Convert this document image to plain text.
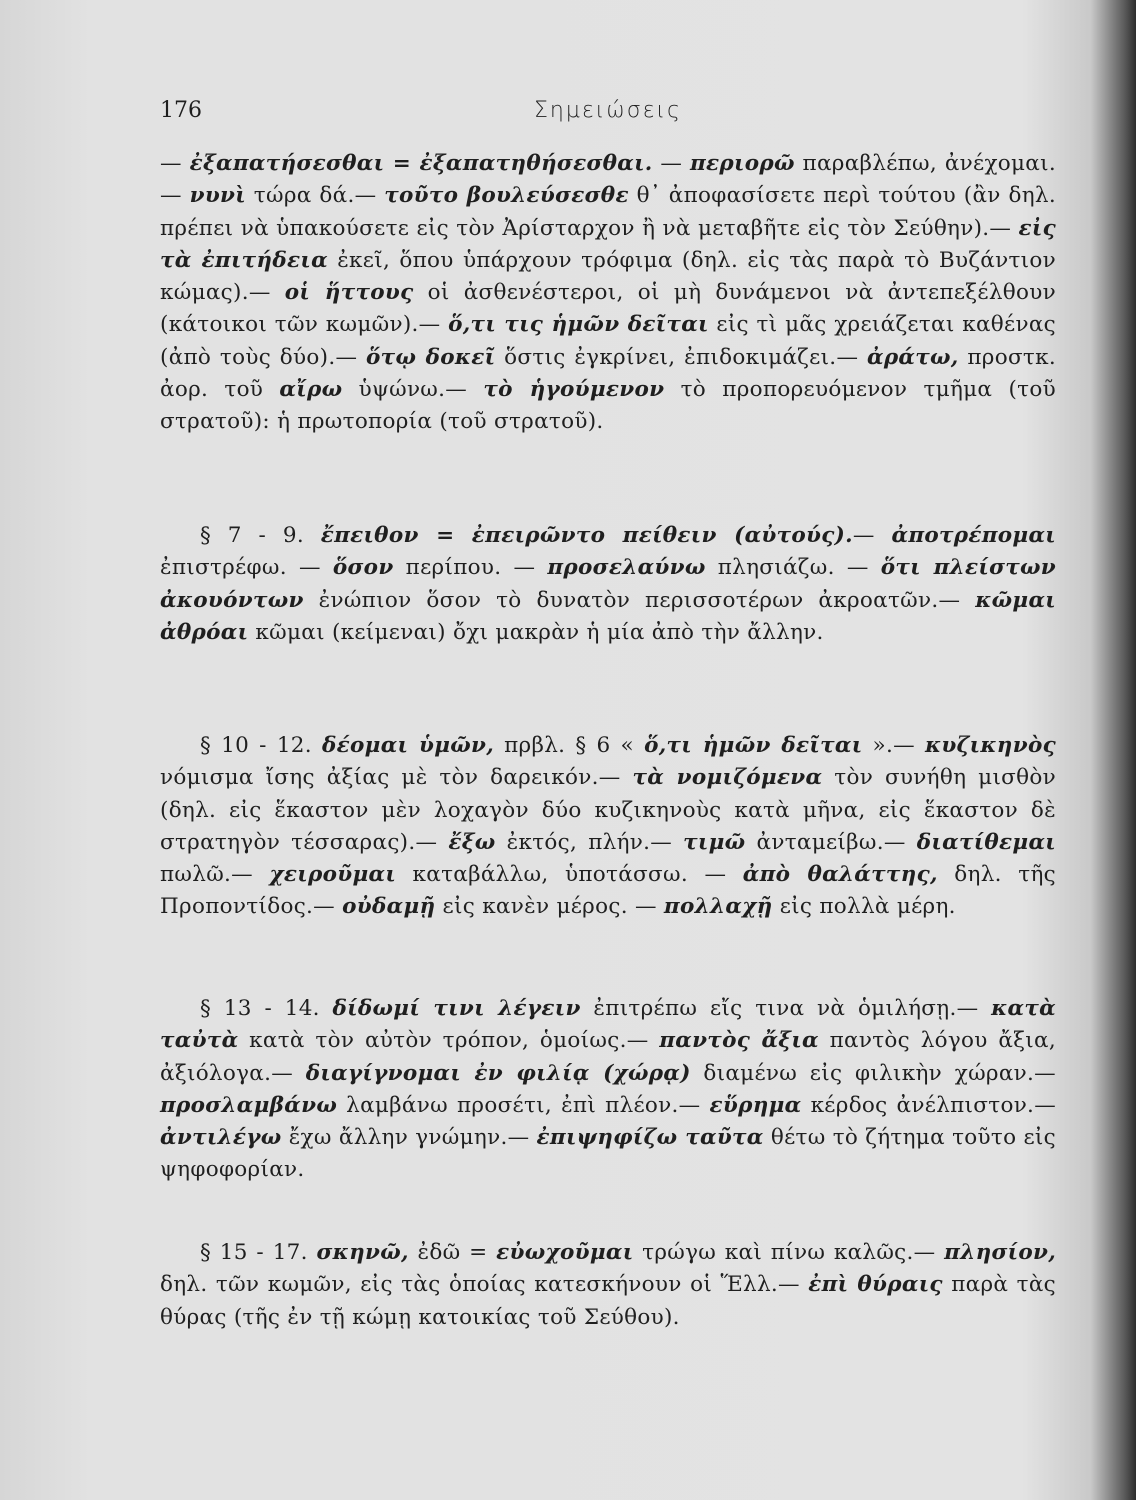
176	Σημειώσεις

— ἐξαπατήσεσθαι = ἐξαπατηθήσεσθαι. — περιορῶ παραβλέπω, ἀνέχομαι.— νυνὶ τώρα δά.— τοῦτο βουλεύσεσθε θ᾽ ἀποφασίσετε περὶ τούτου (ἂν δηλ. πρέπει νὰ ὑπακούσετε εἰς τὸν Ἀρίσταρχον ἢ νὰ μεταβῆτε εἰς τὸν Σεύθην).— εἰς τὰ ἐπιτήδεια ἐκεῖ, ὅπου ὑπάρχουν τρόφιμα (δηλ. εἰς τὰς παρὰ τὸ Βυζάντιον κώμας).— οἱ ἥττους οἱ ἀσθενέστεροι, οἱ μὴ δυνάμενοι νὰ ἀντεπεξέλθουν (κάτοικοι τῶν κωμῶν).— ὅ,τι τις ἡμῶν δεῖται εἰς τὶ μᾶς χρειάζεται καθένας (ἀπὸ τοὺς δύο).— ὅτῳ δοκεῖ ὅστις ἐγκρίνει, ἐπιδοκιμάζει.— ἀράτω, προστκ. ἀορ. τοῦ αἴρω ὑψώνω.— τὸ ἡγούμενον τὸ προπορευόμενον τμῆμα (τοῦ στρατοῦ): ἡ πρωτοπορία (τοῦ στρατοῦ).

§ 7 - 9. ἔπειθον = ἐπειρῶντο πείθειν (αὐτούς).— ἀποτρέπομαι ἐπιστρέφω. — ὅσον περίπου. — προσελαύνω πλησιάζω. — ὅτι πλείστων ἀκουόντων ἐνώπιον ὅσον τὸ δυνατὸν περισσοτέρων ἀκροατῶν.— κῶμαι ἀθρόαι κῶμαι (κείμεναι) ὄχι μακρὰν ἡ μία ἀπὸ τὴν ἄλλην.

§ 10 - 12. δέομαι ὑμῶν, πρβλ. § 6 « ὅ,τι ἡμῶν δεῖται ».— κυζικηνὸς νόμισμα ἴσης ἀξίας μὲ τὸν δαρεικόν.— τὰ νομιζόμενα τὸν συνήθη μισθὸν (δηλ. εἰς ἕκαστον μὲν λοχαγὸν δύο κυζικηνοὺς κατὰ μῆνα, εἰς ἕκαστον δὲ στρατηγὸν τέσσαρας).— ἔξω ἐκτός, πλήν.— τιμῶ ἀνταμείβω.— διατίθεμαι πωλῶ.— χειροῦμαι καταβάλλω, ὑποτάσσω. — ἀπὸ θαλάττης, δηλ. τῆς Προποντίδος.— οὐδαμῇ εἰς κανὲν μέρος. — πολλαχῇ εἰς πολλὰ μέρη.

§ 13 - 14. δίδωμί τινι λέγειν ἐπιτρέπω εἴς τινα νὰ ὁμιλήσῃ.— κατὰ ταὐτὰ κατὰ τὸν αὐτὸν τρόπον, ὁμοίως.— παντὸς ἄξια παντὸς λόγου ἄξια, ἀξιόλογα.— διαγίγνομαι ἐν φιλίᾳ (χώρᾳ) διαμένω εἰς φιλικὴν χώραν.— προσλαμβάνω λαμβάνω προσέτι, ἐπὶ πλέον.— εὕρημα κέρδος ἀνέλπιστον.— ἀντιλέγω ἔχω ἄλλην γνώμην.— ἐπιψηφίζω ταῦτα θέτω τὸ ζήτημα τοῦτο εἰς ψηφοφορίαν.

§ 15 - 17. σκηνῶ, ἐδῶ = εὐωχοῦμαι τρώγω καὶ πίνω καλῶς.— πλησίον, δηλ. τῶν κωμῶν, εἰς τὰς ὁποίας κατεσκήνουν οἱ Ἕλλ.— ἐπὶ θύραις παρὰ τὰς θύρας (τῆς ἐν τῇ κώμῃ κατοικίας τοῦ Σεύθου).
